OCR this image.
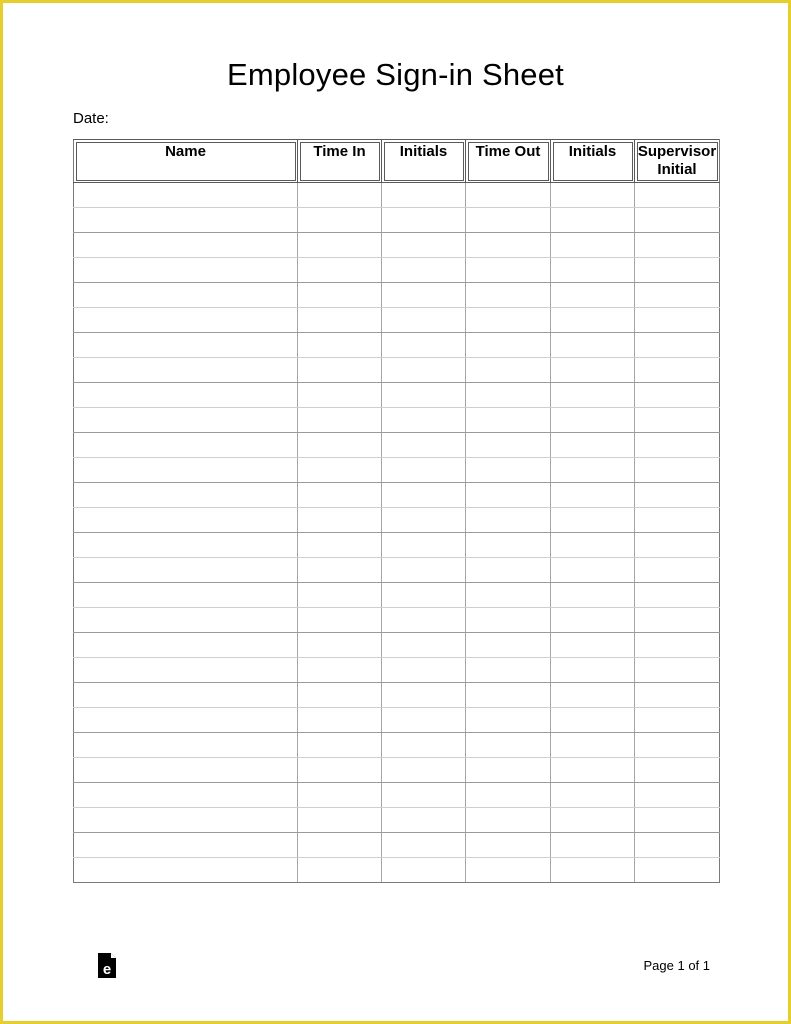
Employee Sign-in Sheet
Date:
Name	Time In	Initials	Time Out	Initials	Supervisor Initial

e	Page 1 of 1
